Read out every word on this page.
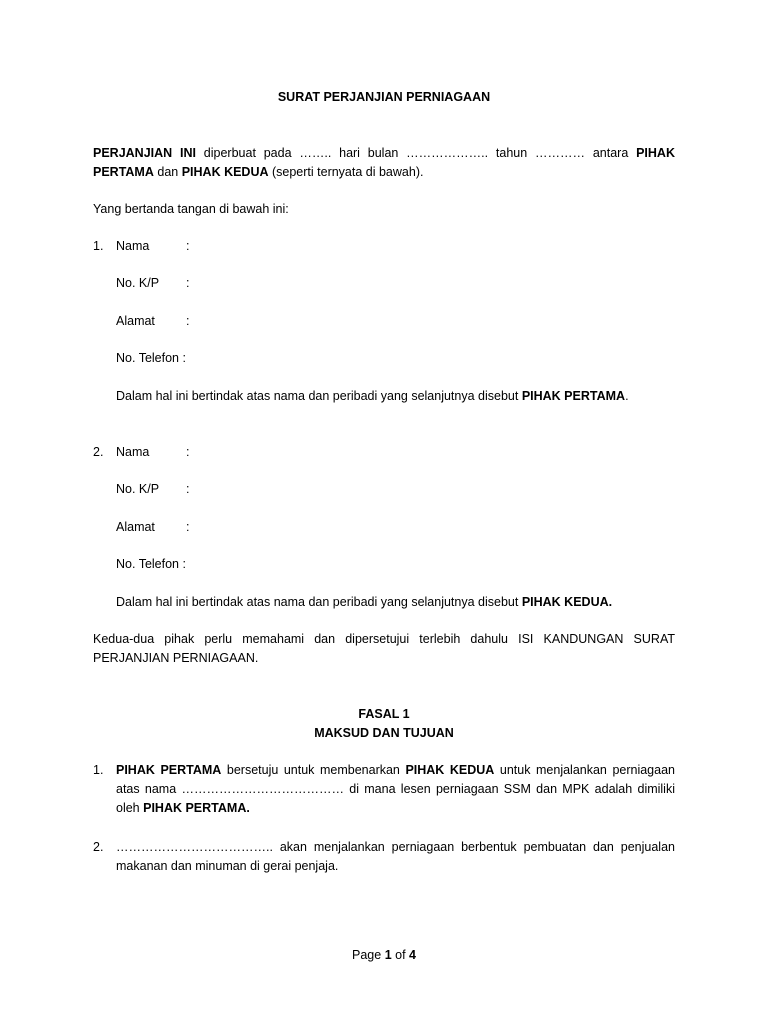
SURAT PERJANJIAN PERNIAGAAN
PERJANJIAN INI diperbuat pada …….. hari bulan ……………….. tahun ………… antara PIHAK PERTAMA dan PIHAK KEDUA (seperti ternyata di bawah).
Yang bertanda tangan di bawah ini:
1. Nama	:
No. K/P :
Alamat :
No. Telefon :
Dalam hal ini bertindak atas nama dan peribadi yang selanjutnya disebut PIHAK PERTAMA.
2. Nama	:
No. K/P :
Alamat :
No. Telefon :
Dalam hal ini bertindak atas nama dan peribadi yang selanjutnya disebut PIHAK KEDUA.
Kedua-dua pihak perlu memahami dan dipersetujui terlebih dahulu ISI KANDUNGAN SURAT PERJANJIAN PERNIAGAAN.
FASAL 1
MAKSUD DAN TUJUAN
1. PIHAK PERTAMA bersetuju untuk membenarkan PIHAK KEDUA untuk menjalankan perniagaan atas nama ………………………………… di mana lesen perniagaan SSM dan MPK adalah dimiliki oleh PIHAK PERTAMA.
2. ……………………………….. akan menjalankan perniagaan berbentuk pembuatan dan penjualan makanan dan minuman di gerai penjaja.
Page 1 of 4
